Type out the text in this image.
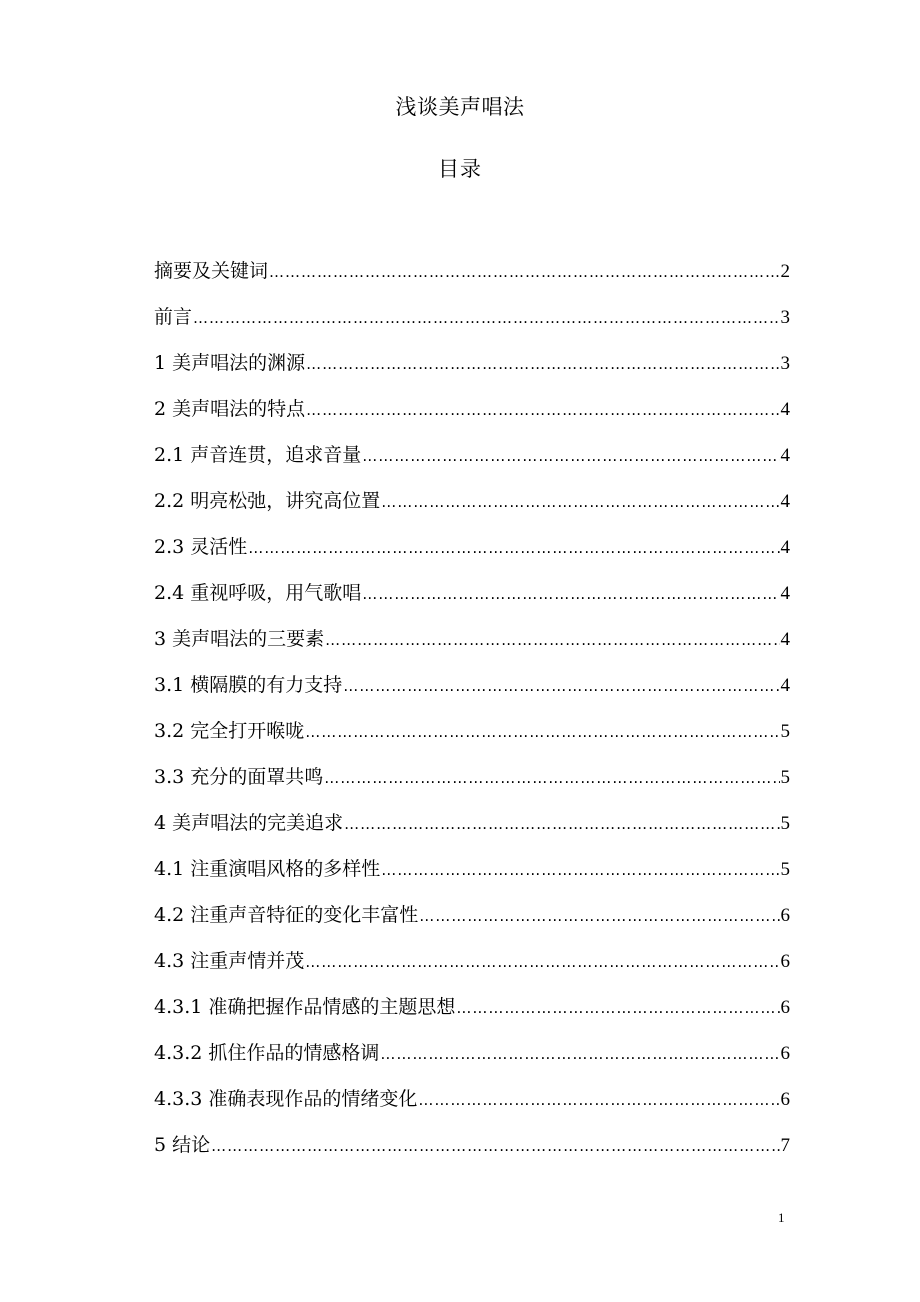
浅谈美声唱法
目录
摘要及关键词 ………………………………………………………………………………………………………………………………………………………………	2
前言 ………………………………………………………………………………………………………………………………………………………………	3
1 美声唱法的渊源 ………………………………………………………………………………………………………………………………………………………………	3
2 美声唱法的特点 ………………………………………………………………………………………………………………………………………………………………	4
2.1 声音连贯，追求音量 ………………………………………………………………………………………………………………………………………………………………	4
2.2 明亮松弛，讲究高位置 ………………………………………………………………………………………………………………………………………………………………	4
2.3 灵活性 ………………………………………………………………………………………………………………………………………………………………	4
2.4 重视呼吸，用气歌唱 ………………………………………………………………………………………………………………………………………………………………	4
3 美声唱法的三要素 ………………………………………………………………………………………………………………………………………………………………	4
3.1 横隔膜的有力支持 ………………………………………………………………………………………………………………………………………………………………	4
3.2 完全打开喉咙 ………………………………………………………………………………………………………………………………………………………………	5
3.3 充分的面罩共鸣 ………………………………………………………………………………………………………………………………………………………………	5
4 美声唱法的完美追求 ………………………………………………………………………………………………………………………………………………………………	5
4.1 注重演唱风格的多样性 ………………………………………………………………………………………………………………………………………………………………	5
4.2 注重声音特征的变化丰富性 ………………………………………………………………………………………………………………………………………………………………	6
4.3 注重声情并茂 ………………………………………………………………………………………………………………………………………………………………	6
4.3.1 准确把握作品情感的主题思想 ………………………………………………………………………………………………………………………………………………………………	6
4.3.2 抓住作品的情感格调 ………………………………………………………………………………………………………………………………………………………………	6
4.3.3 准确表现作品的情绪变化 ………………………………………………………………………………………………………………………………………………………………	6
5 结论 ………………………………………………………………………………………………………………………………………………………………	7
1
